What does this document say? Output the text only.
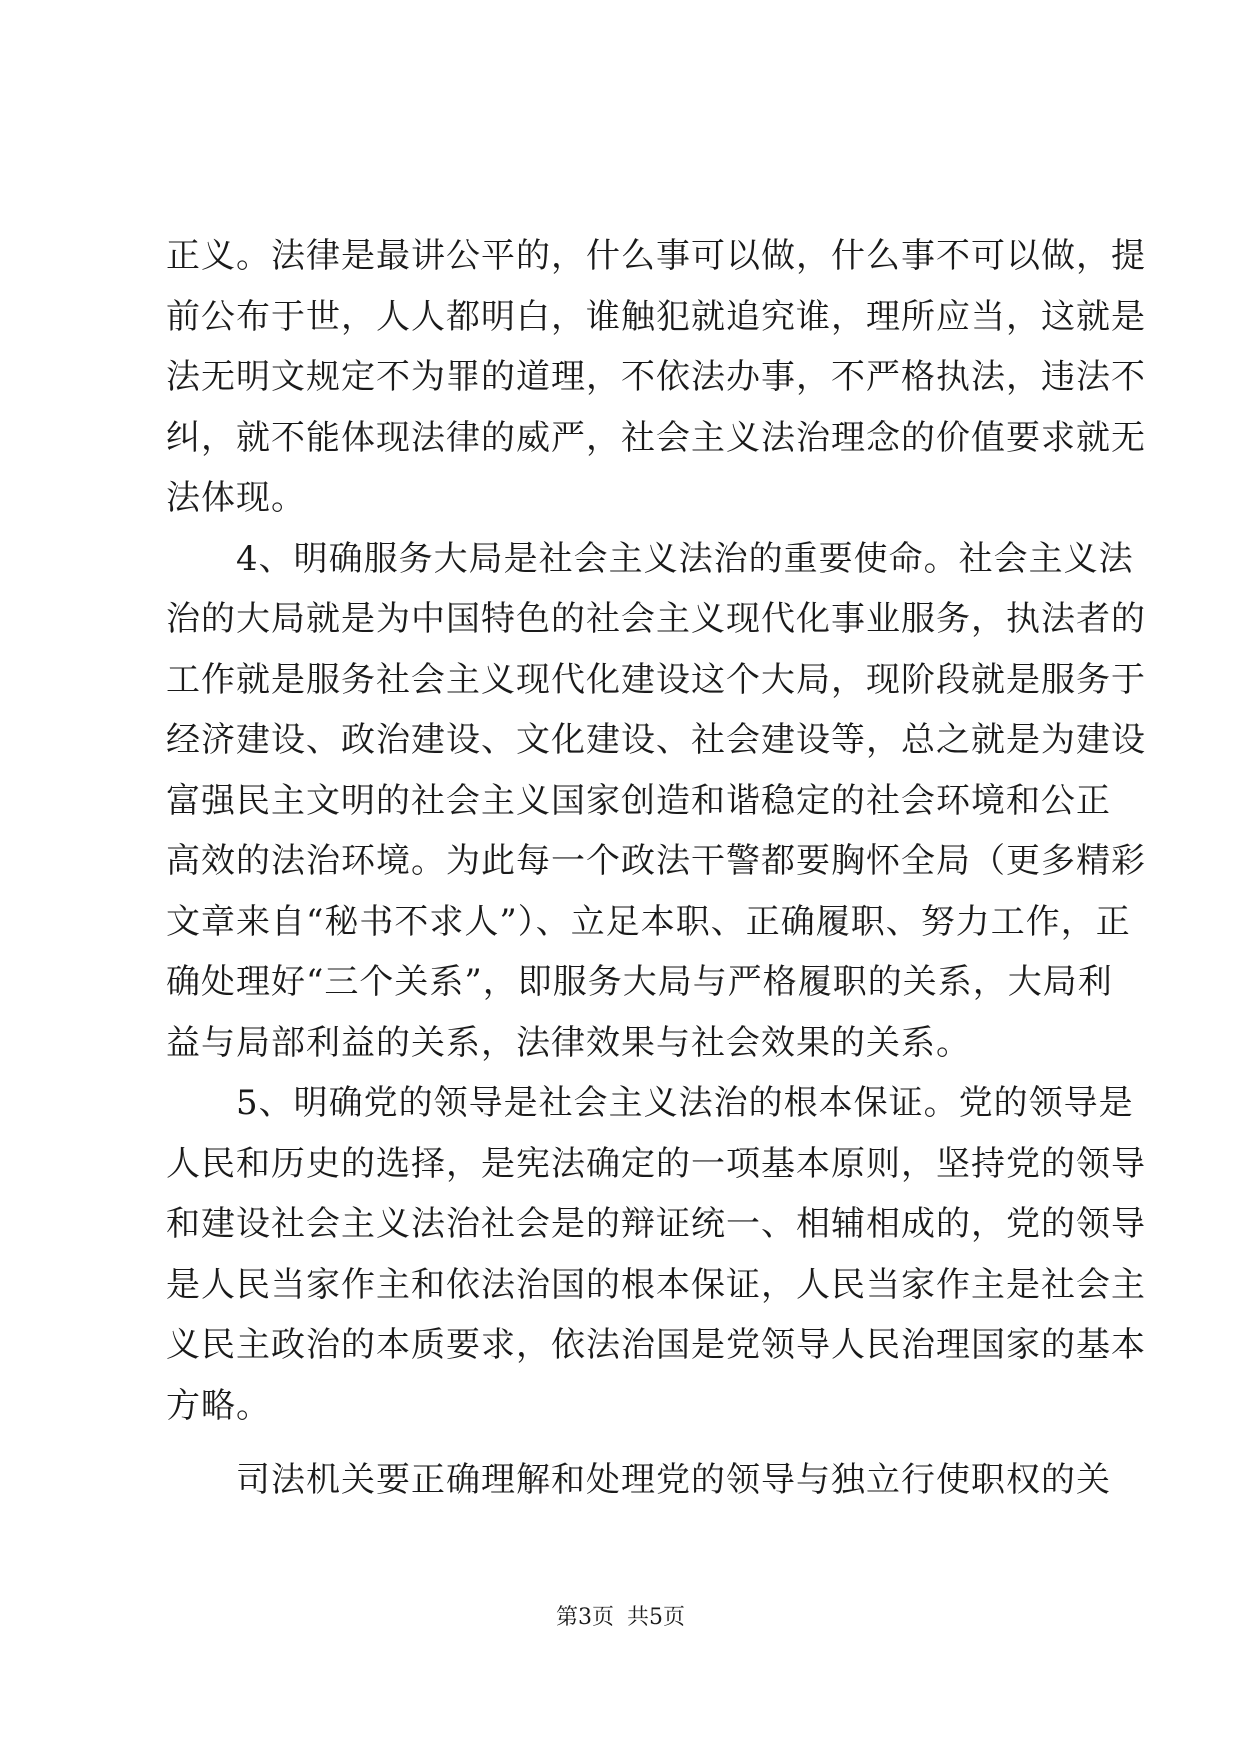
正义。法律是最讲公平的，什么事可以做，什么事不可以做，提
前公布于世，人人都明白，谁触犯就追究谁，理所应当，这就是
法无明文规定不为罪的道理，不依法办事，不严格执法，违法不
纠，就不能体现法律的威严，社会主义法治理念的价值要求就无
法体现。
　　4、明确服务大局是社会主义法治的重要使命。社会主义法
治的大局就是为中国特色的社会主义现代化事业服务，执法者的
工作就是服务社会主义现代化建设这个大局，现阶段就是服务于
经济建设、政治建设、文化建设、社会建设等，总之就是为建设
富强民主文明的社会主义国家创造和谐稳定的社会环境和公正
高效的法治环境。为此每一个政法干警都要胸怀全局（更多精彩
文章来自“秘书不求人”）、立足本职、正确履职、努力工作，正
确处理好“三个关系”，即服务大局与严格履职的关系，大局利
益与局部利益的关系，法律效果与社会效果的关系。
　　5、明确党的领导是社会主义法治的根本保证。党的领导是
人民和历史的选择，是宪法确定的一项基本原则，坚持党的领导
和建设社会主义法治社会是的辩证统一、相辅相成的，党的领导
是人民当家作主和依法治国的根本保证，人民当家作主是社会主
义民主政治的本质要求，依法治国是党领导人民治理国家的基本
方略。
　　司法机关要正确理解和处理党的领导与独立行使职权的关
第3页 共5页
